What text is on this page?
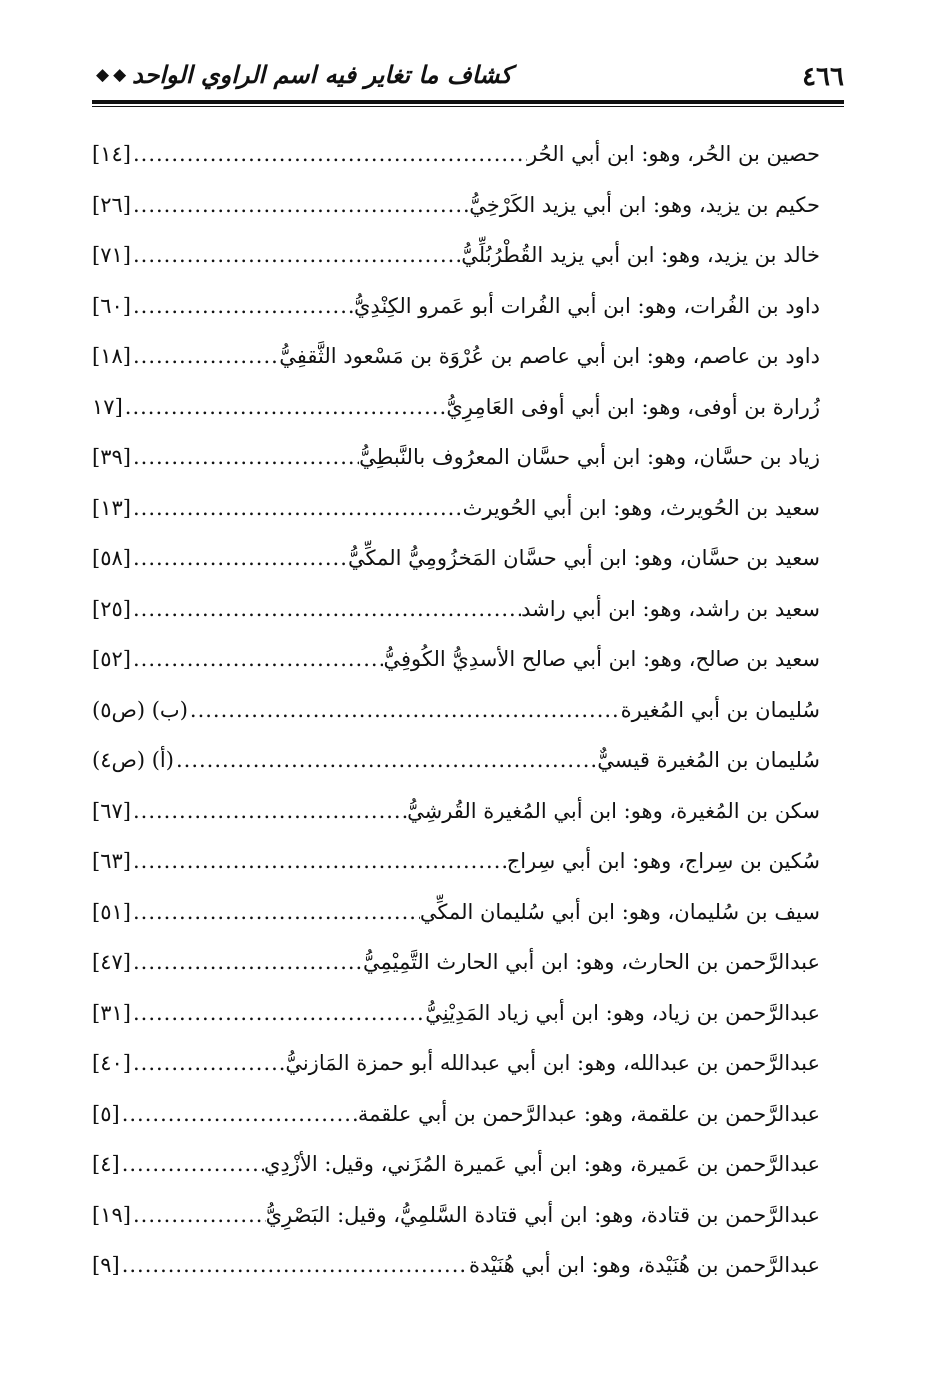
٤٦٦
كشاف ما تغاير فيه اسم الراوي الواحد
◆◆
حصين بن الحُر، وهو: ابن أبي الحُر
.....
[١٤]
حكيم بن يزيد، وهو: ابن أبي يزيد الكَرْخِيُّ
.....
[٢٦]
خالد بن يزيد، وهو: ابن أبي يزيد القُطْرُبُلِّيُّ
.....
[٧١]
داود بن الفُرات، وهو: ابن أبي الفُرات أبو عَمرو الكِنْدِيُّ
.....
[٦٠]
داود بن عاصم، وهو: ابن أبي عاصم بن عُرْوَة بن مَسْعود الثَّقفِيُّ
.....
[١٨]
زُرارة بن أوفى، وهو: ابن أبي أوفى العَامِرِيُّ
.....
[١٧
زياد بن حسَّان، وهو: ابن أبي حسَّان المعرُوف بالنَّبطِيُّ
.....
[٣٩]
سعيد بن الحُويرث، وهو: ابن أبي الحُويرث
.....
[١٣]
سعيد بن حسَّان، وهو: ابن أبي حسَّان المَخزُومِيُّ المكِّيُّ
.....
[٥٨]
سعيد بن راشد، وهو: ابن أبي راشد
.....
[٢٥]
سعيد بن صالح، وهو: ابن أبي صالح الأسدِيُّ الكُوفِيُّ
.....
[٥٢]
سُليمان بن أبي المُغيرة
.....
(ب) (ص٥)
سُليمان بن المُغيرة قيسيٌّ
.....
(أ) (ص٤)
سكن بن المُغيرة، وهو: ابن أبي المُغيرة القُرشِيُّ
.....
[٦٧]
سُكين بن سِراج، وهو: ابن أبي سِراج
.....
[٦٣]
سيف بن سُليمان، وهو: ابن أبي سُليمان المكِّي
.....
[٥١]
عبدالرَّحمن بن الحارث، وهو: ابن أبي الحارث التَّمِيْمِيُّ
.....
[٤٧]
عبدالرَّحمن بن زياد، وهو: ابن أبي زياد المَدِيْنِيُّ
.....
[٣١]
عبدالرَّحمن بن عبدالله، وهو: ابن أبي عبدالله أبو حمزة المَازنيُّ
.....
[٤٠]
عبدالرَّحمن بن علقمة، وهو: عبدالرَّحمن بن أبي علقمة
.....
[٥]
عبدالرَّحمن بن عَميرة، وهو: ابن أبي عَميرة المُزَني، وقيل: الأزْدِي
.....
[٤]
عبدالرَّحمن بن قتادة، وهو: ابن أبي قتادة السَّلمِيُّ، وقيل: البَصْرِيُّ
.....
[١٩]
عبدالرَّحمن بن هُنَيْدة، وهو: ابن أبي هُنَيْدة
.....
[٩]
